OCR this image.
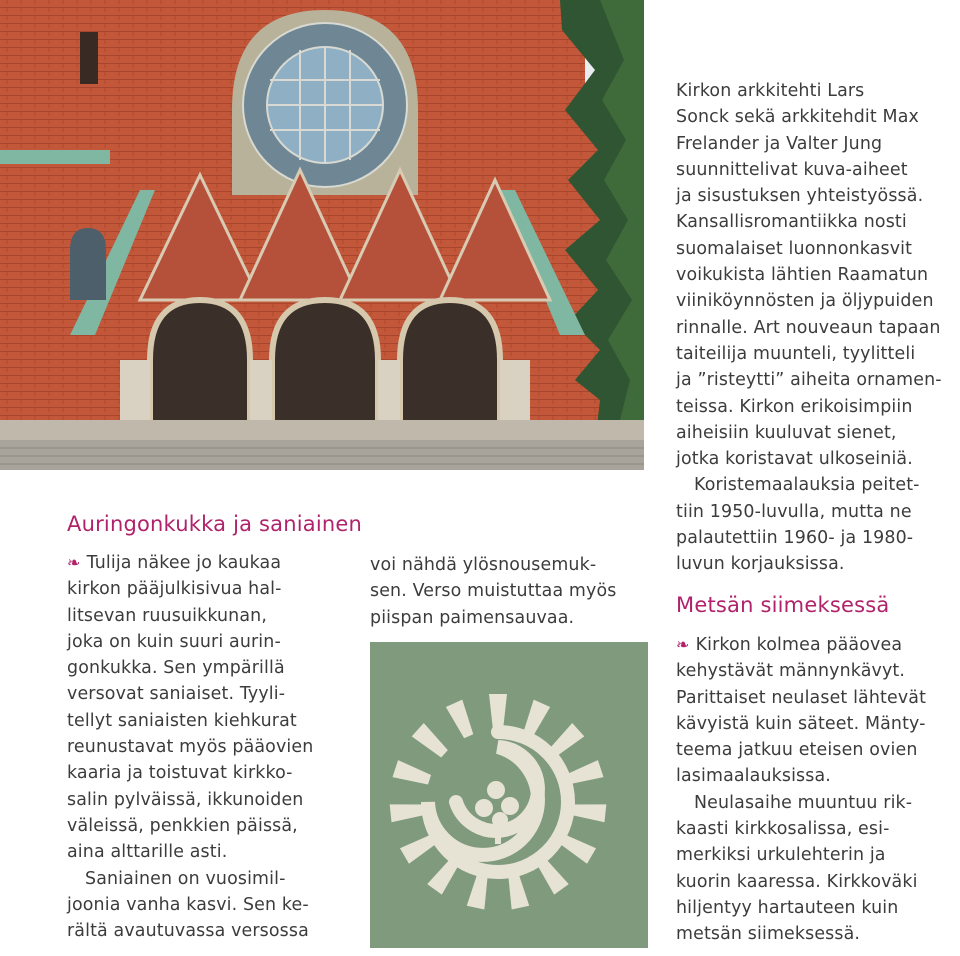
Auringonkukka ja saniainen
❧ Tulija näkee jo kaukaa
kirkon pääjulkisivua hal-
litsevan ruusuikkunan,
joka on kuin suuri aurin-
gonkukka. Sen ympärillä
versovat saniaiset. Tyyli-
tellyt saniaisten kiehkurat
reunustavat myös pääovien
kaaria ja toistuvat kirkko-
salin pylväissä, ikkunoiden
väleissä, penkkien päissä,
aina alttarille asti.
Saniainen on vuosimil-
joonia vanha kasvi. Sen ke-
rältä avautuvassa versossa
voi nähdä ylösnousemuk-
sen. Verso muistuttaa myös
piispan paimensauvaa.
Kirkon arkkitehti Lars
Sonck sekä arkkitehdit Max
Frelander ja Valter Jung
suunnittelivat kuva-aiheet
ja sisustuksen yhteistyössä.
Kansallisromantiikka nosti
suomalaiset luonnonkasvit
voikukista lähtien Raamatun
viiniköynnösten ja öljypuiden
rinnalle. Art nouveaun tapaan
taiteilija muunteli, tyylitteli
ja ”risteytti” aiheita ornamen-
teissa. Kirkon erikoisimpiin
aiheisiin kuuluvat sienet,
jotka koristavat ulkoseiniä.
Koristemaalauksia peitet-
tiin 1950-luvulla, mutta ne
palautettiin 1960- ja 1980-
luvun korjauksissa.
Metsän siimeksessä
❧ Kirkon kolmea pääovea
kehystävät männynkävyt.
Parittaiset neulaset lähtevät
kävyistä kuin säteet. Mänty-
teema jatkuu eteisen ovien
lasimaalauksissa.
Neulasaihe muuntuu rik-
kaasti kirkkosalissa, esi-
merkiksi urkulehterin ja
kuorin kaaressa. Kirkkoväki
hiljentyy hartauteen kuin
metsän siimeksessä.
